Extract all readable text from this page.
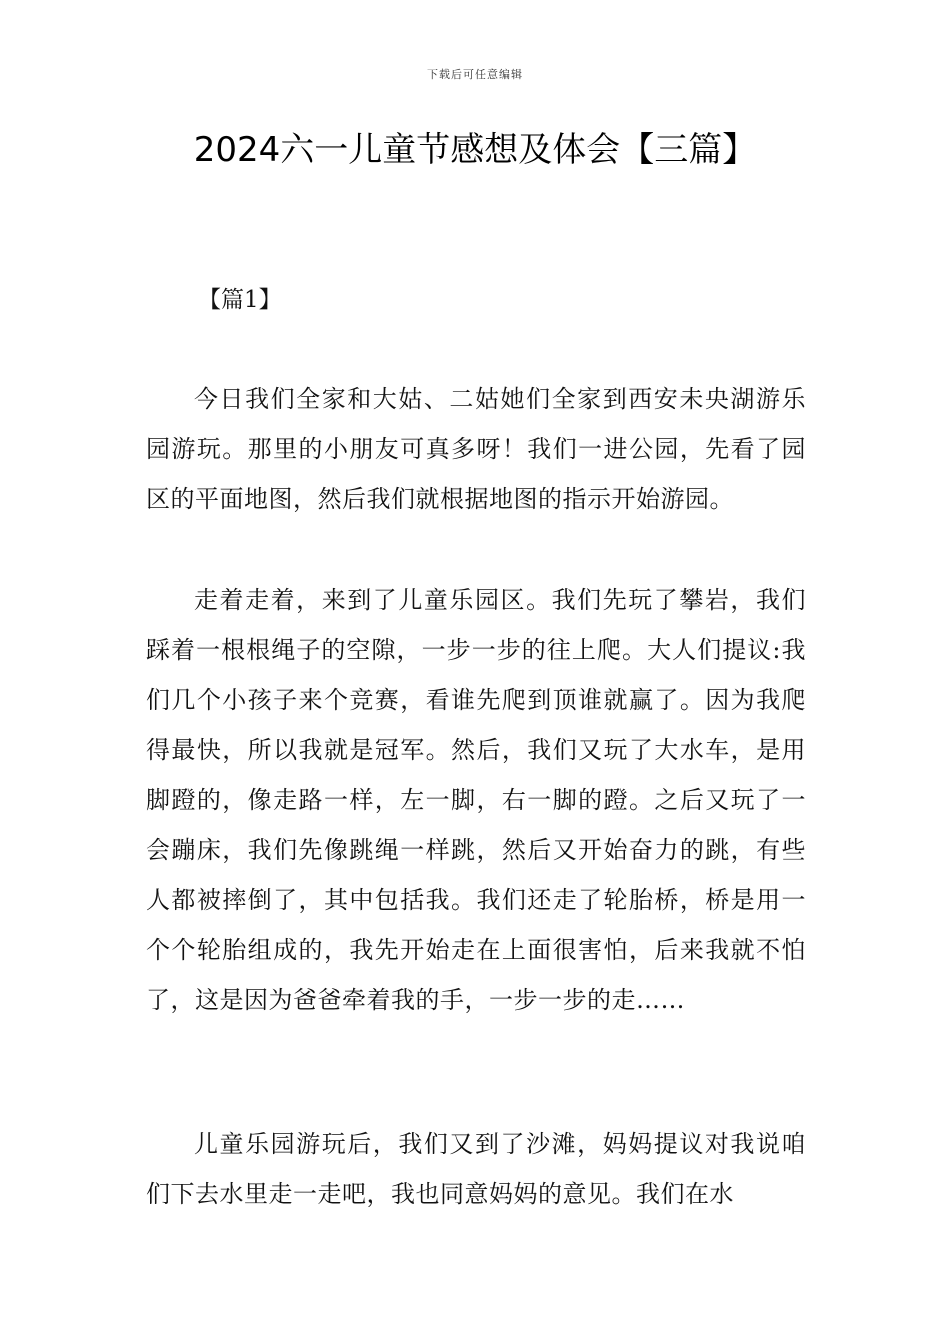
下载后可任意编辑
2024六一儿童节感想及体会【三篇】
【篇1】

今日我们全家和大姑、二姑她们全家到西安未央湖游乐园游玩。那里的小朋友可真多呀！我们一进公园，先看了园区的平面地图，然后我们就根据地图的指示开始游园。

走着走着，来到了儿童乐园区。我们先玩了攀岩，我们踩着一根根绳子的空隙，一步一步的往上爬。大人们提议:我们几个小孩子来个竞赛，看谁先爬到顶谁就赢了。因为我爬得最快，所以我就是冠军。然后，我们又玩了大水车，是用脚蹬的，像走路一样，左一脚，右一脚的蹬。之后又玩了一会蹦床，我们先像跳绳一样跳，然后又开始奋力的跳，有些人都被摔倒了，其中包括我。我们还走了轮胎桥，桥是用一个个轮胎组成的，我先开始走在上面很害怕，后来我就不怕了，这是因为爸爸牵着我的手，一步一步的走……

儿童乐园游玩后，我们又到了沙滩，妈妈提议对我说咱们下去水里走一走吧，我也同意妈妈的意见。我们在水
